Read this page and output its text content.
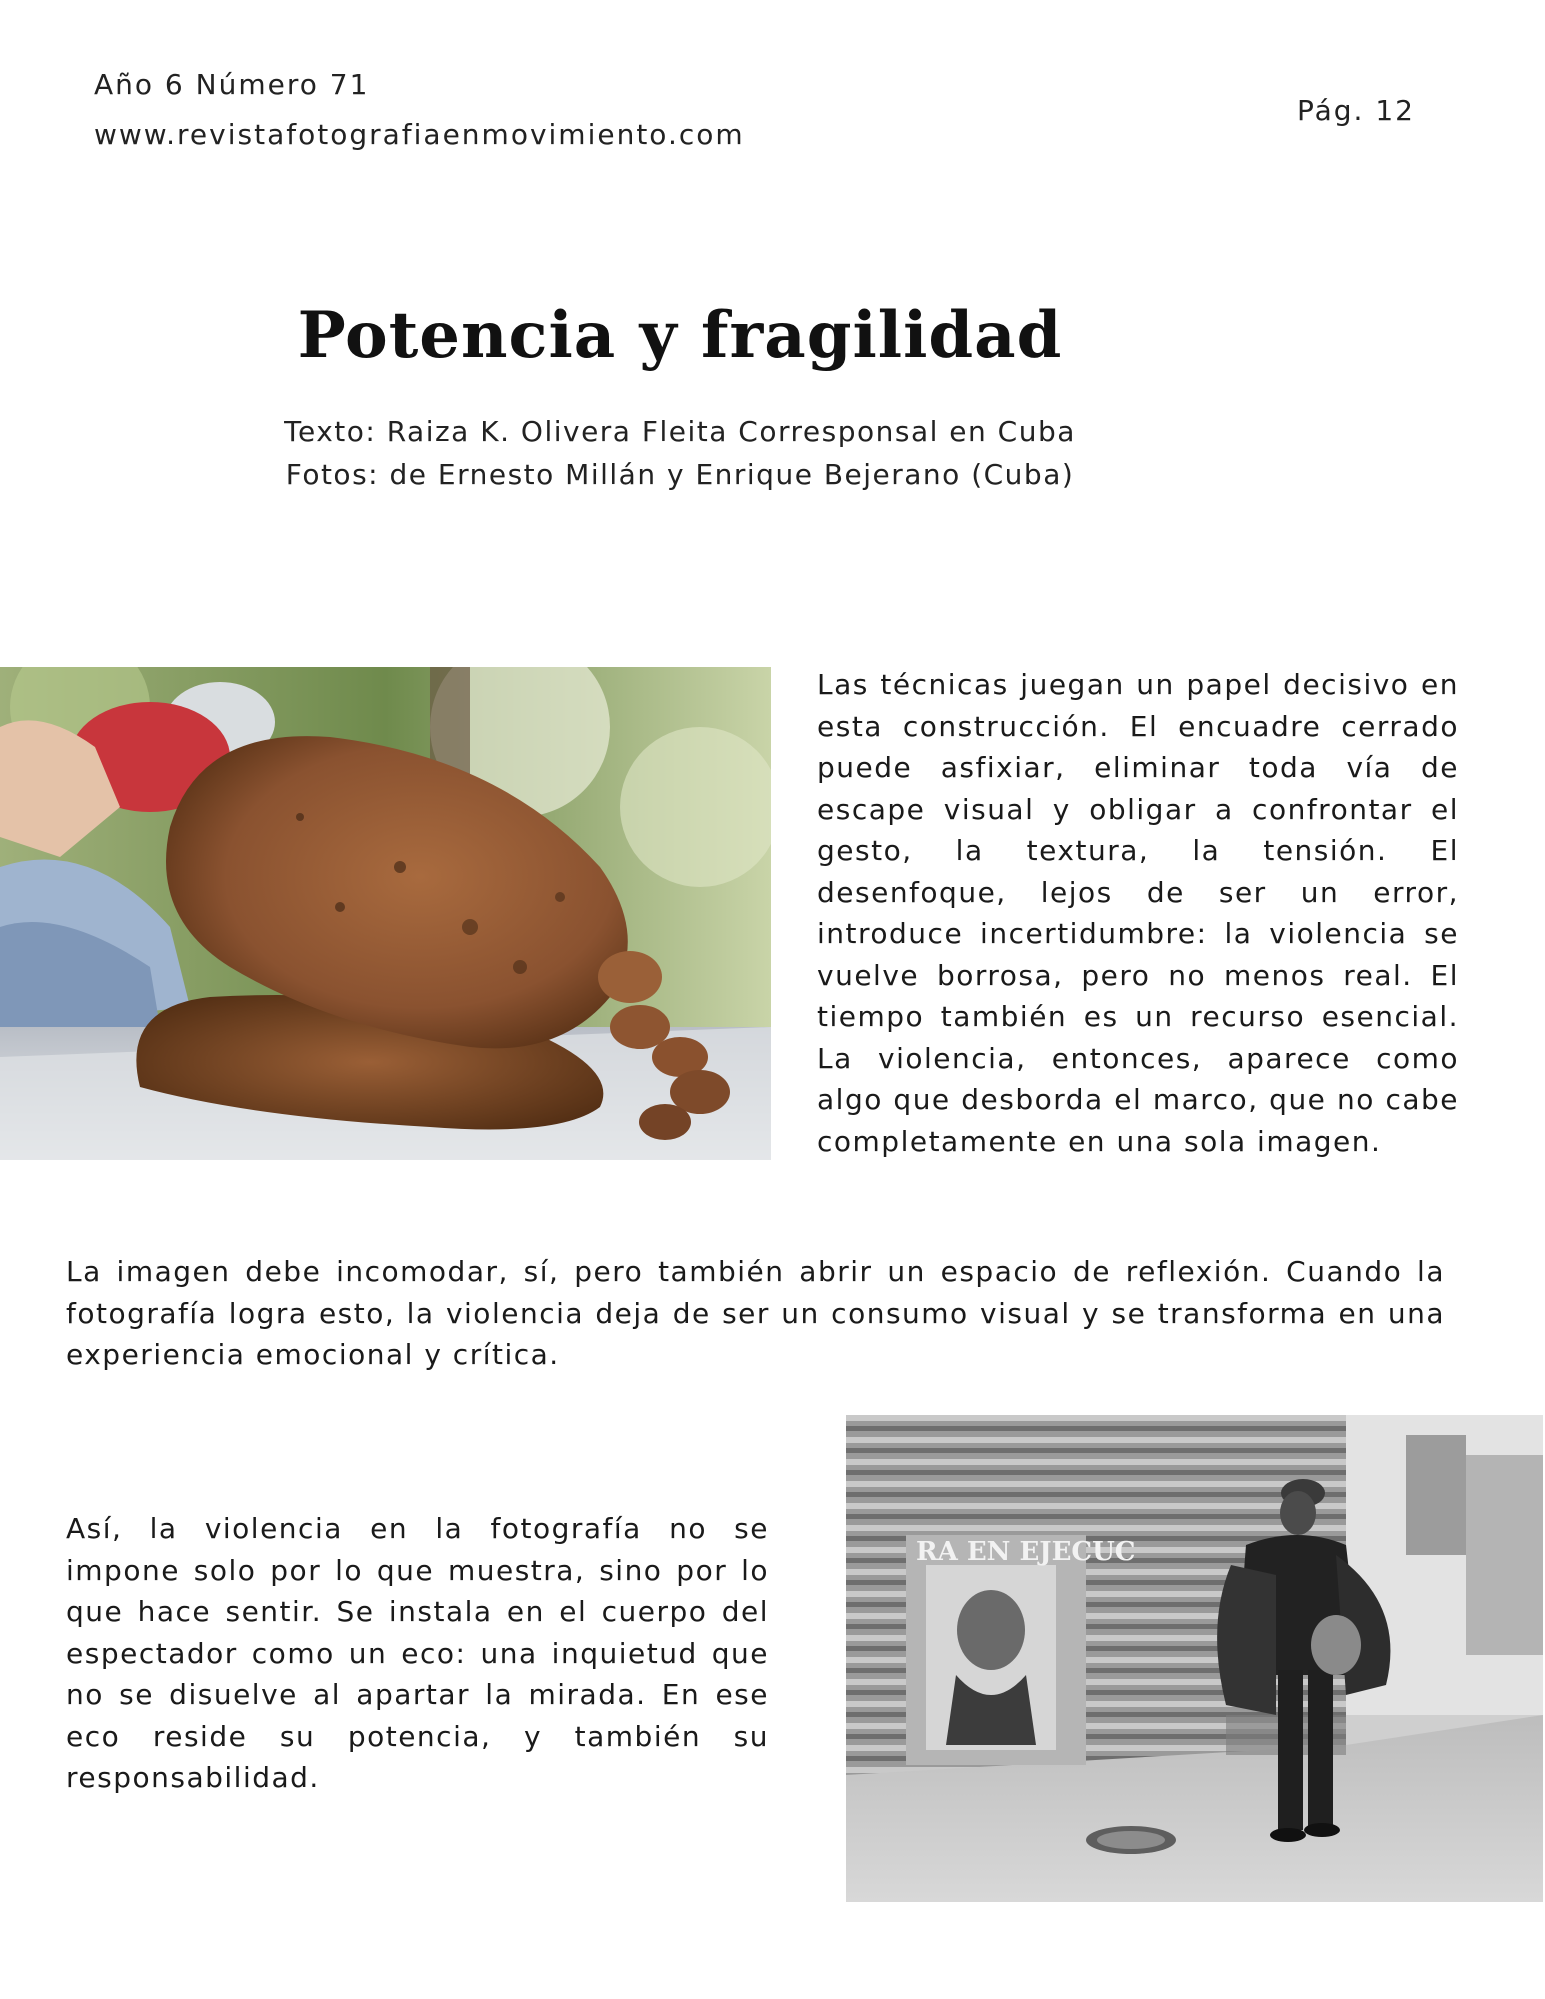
Año 6 Número 71
www.revistafotografiaenmovimiento.com
Pág. 12
Potencia y fragilidad
Texto: Raiza K. Olivera Fleita Corresponsal en Cuba
Fotos: de Ernesto Millán y Enrique Bejerano (Cuba)

Las técnicas juegan un papel decisivo en esta construcción. El encuadre cerrado puede asfixiar, eliminar toda vía de escape visual y obligar a confrontar el gesto, la textura, la tensión. El desenfoque, lejos de ser un error, introduce incertidumbre: la violencia se vuelve borrosa, pero no menos real. El tiempo también es un recurso esencial. La violencia, entonces, aparece como algo que desborda el marco, que no cabe completamente en una sola imagen.

La imagen debe incomodar, sí, pero también abrir un espacio de reflexión. Cuando la fotografía logra esto, la violencia deja de ser un consumo visual y se transforma en una experiencia emocional y crítica.

Así, la violencia en la fotografía no se impone solo por lo que muestra, sino por lo que hace sentir. Se instala en el cuerpo del espectador como un eco: una inquietud que no se disuelve al apartar la mirada. En ese eco reside su potencia, y también su responsabilidad.

RA EN EJECUC
